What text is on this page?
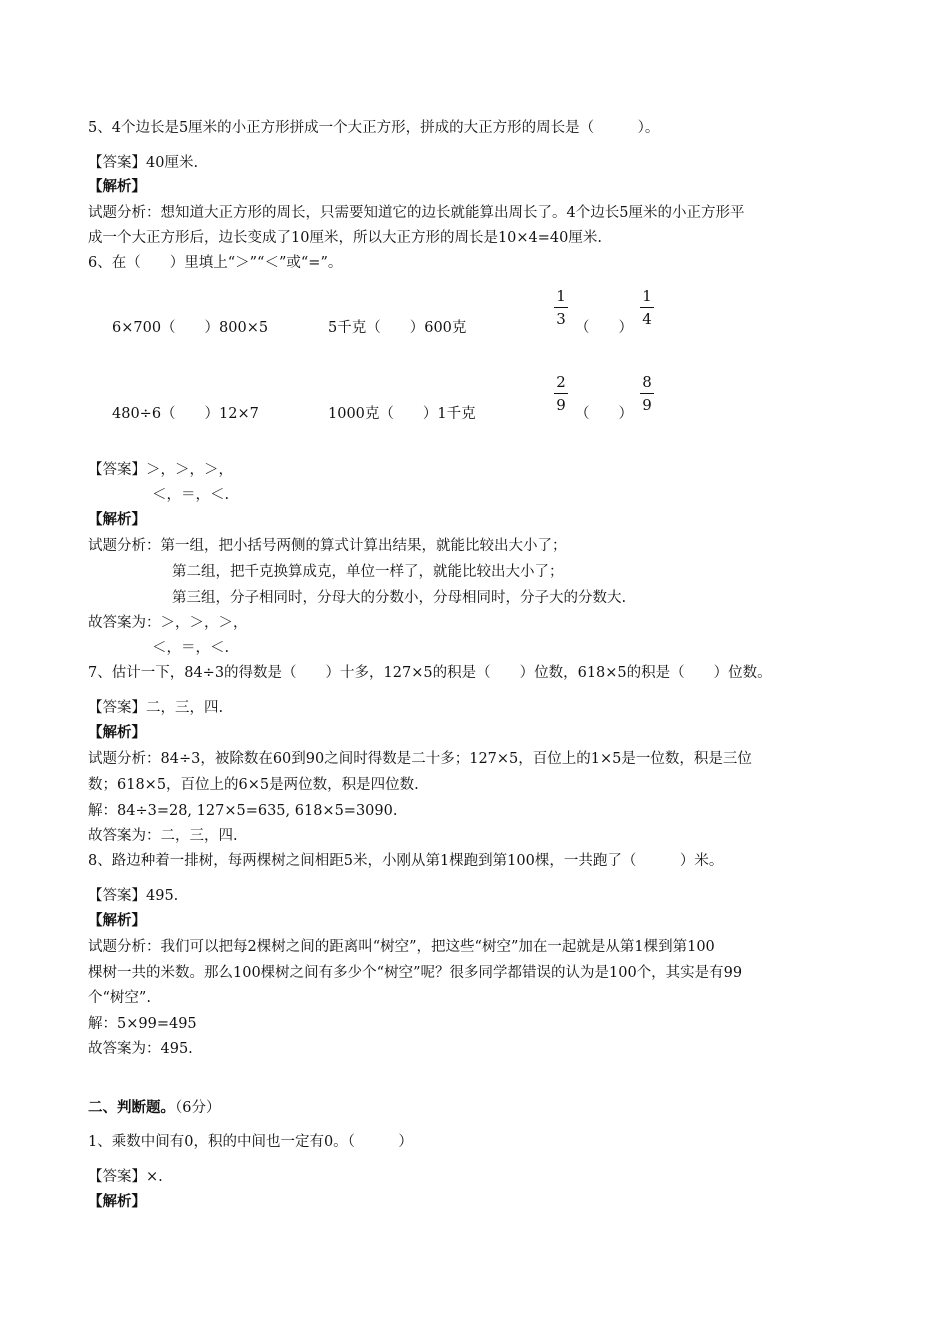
5、4个边长是5厘米的小正方形拼成一个大正方形，拼成的大正方形的周长是（　　　）。
【答案】40厘米.
【解析】
试题分析：想知道大正方形的周长，只需要知道它的边长就能算出周长了。4个边长5厘米的小正方形平
成一个大正方形后，边长变成了10厘米，所以大正方形的周长是10×4=40厘米.
6、在（　　）里填上“＞”“＜”或“=”。
6×700（　　）800×5	5千克（　　）600克
1
3 （　　）
1
4
480÷6（　　）12×7	1000克（　　）1千克
2
9 （　　）
8
9
【答案】＞，＞，＞，
＜，＝，＜.
【解析】
试题分析：第一组，把小括号两侧的算式计算出结果，就能比较出大小了；
第二组，把千克换算成克，单位一样了，就能比较出大小了；
第三组，分子相同时，分母大的分数小，分母相同时，分子大的分数大.
故答案为：＞，＞，＞，
＜，＝，＜.
7、估计一下，84÷3的得数是（　　）十多，127×5的积是（　　）位数，618×5的积是（　　）位数。
【答案】二，三，四.
【解析】
试题分析：84÷3，被除数在60到90之间时得数是二十多；127×5，百位上的1×5是一位数，积是三位
数；618×5，百位上的6×5是两位数，积是四位数.
解：84÷3=28, 127×5=635, 618×5=3090.
故答案为：二，三，四.
8、路边种着一排树，每两棵树之间相距5米，小刚从第1棵跑到第100棵，一共跑了（　　　）米。
【答案】495.
【解析】
试题分析：我们可以把每2棵树之间的距离叫“树空”，把这些“树空”加在一起就是从第1棵到第100
棵树一共的米数。那么100棵树之间有多少个“树空”呢？很多同学都错误的认为是100个，其实是有99
个“树空”.
解：5×99=495
故答案为：495.
二、判断题。（6分）
1、乘数中间有0，积的中间也一定有0。（　　　）
【答案】×.
【解析】
